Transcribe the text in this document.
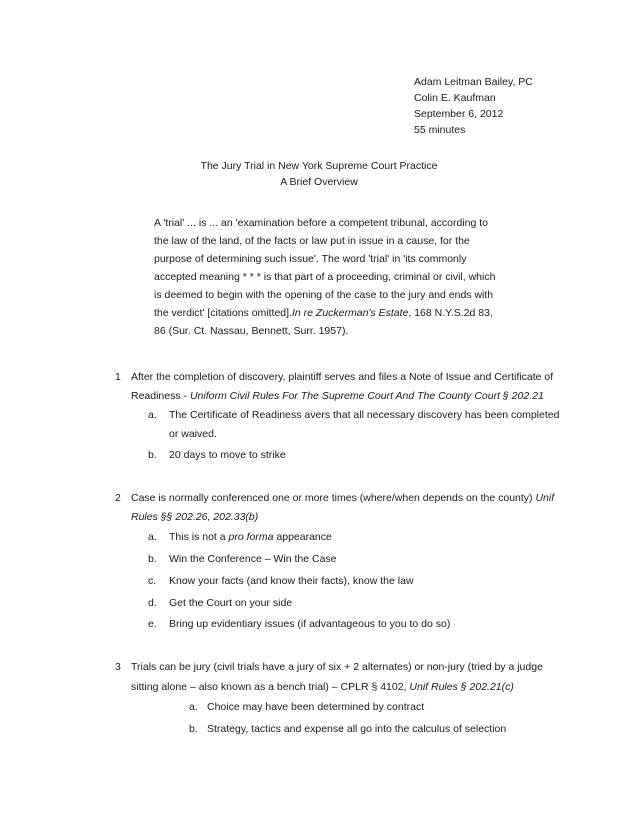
Adam Leitman Bailey, PC
Colin E. Kaufman
September 6, 2012
55 minutes
The Jury Trial in New York Supreme Court Practice
A Brief Overview
A 'trial' ... is ... an 'examination before a competent tribunal, according to
the law of the land, of the facts or law put in issue in a cause, for the
purpose of determining such issue'. The word 'trial' in 'its commonly
accepted meaning * * * is that part of a proceeding, criminal or civil, which
is deemed to begin with the opening of the case to the jury and ends with
the verdict' [citations omitted].In re Zuckerman's Estate, 168 N.Y.S.2d 83,
86 (Sur. Ct. Nassau, Bennett, Surr. 1957).
1 After the completion of discovery, plaintiff serves and files a Note of Issue and Certificate of
Readiness - Uniform Civil Rules For The Supreme Court And The County Court § 202.21
a. The Certificate of Readiness avers that all necessary discovery has been completed
or waived.
b. 20 days to move to strike
2 Case is normally conferenced one or more times (where/when depends on the county) Unif
Rules §§ 202.26, 202.33(b)
a. This is not a pro forma appearance
b. Win the Conference – Win the Case
c. Know your facts (and know their facts), know the law
d. Get the Court on your side
e. Bring up evidentiary issues (if advantageous to you to do so)
3 Trials can be jury (civil trials have a jury of six + 2 alternates) or non-jury (tried by a judge
sitting alone – also known as a bench trial) – CPLR § 4102, Unif Rules § 202.21(c)
a. Choice may have been determined by contract
b. Strategy, tactics and expense all go into the calculus of selection
